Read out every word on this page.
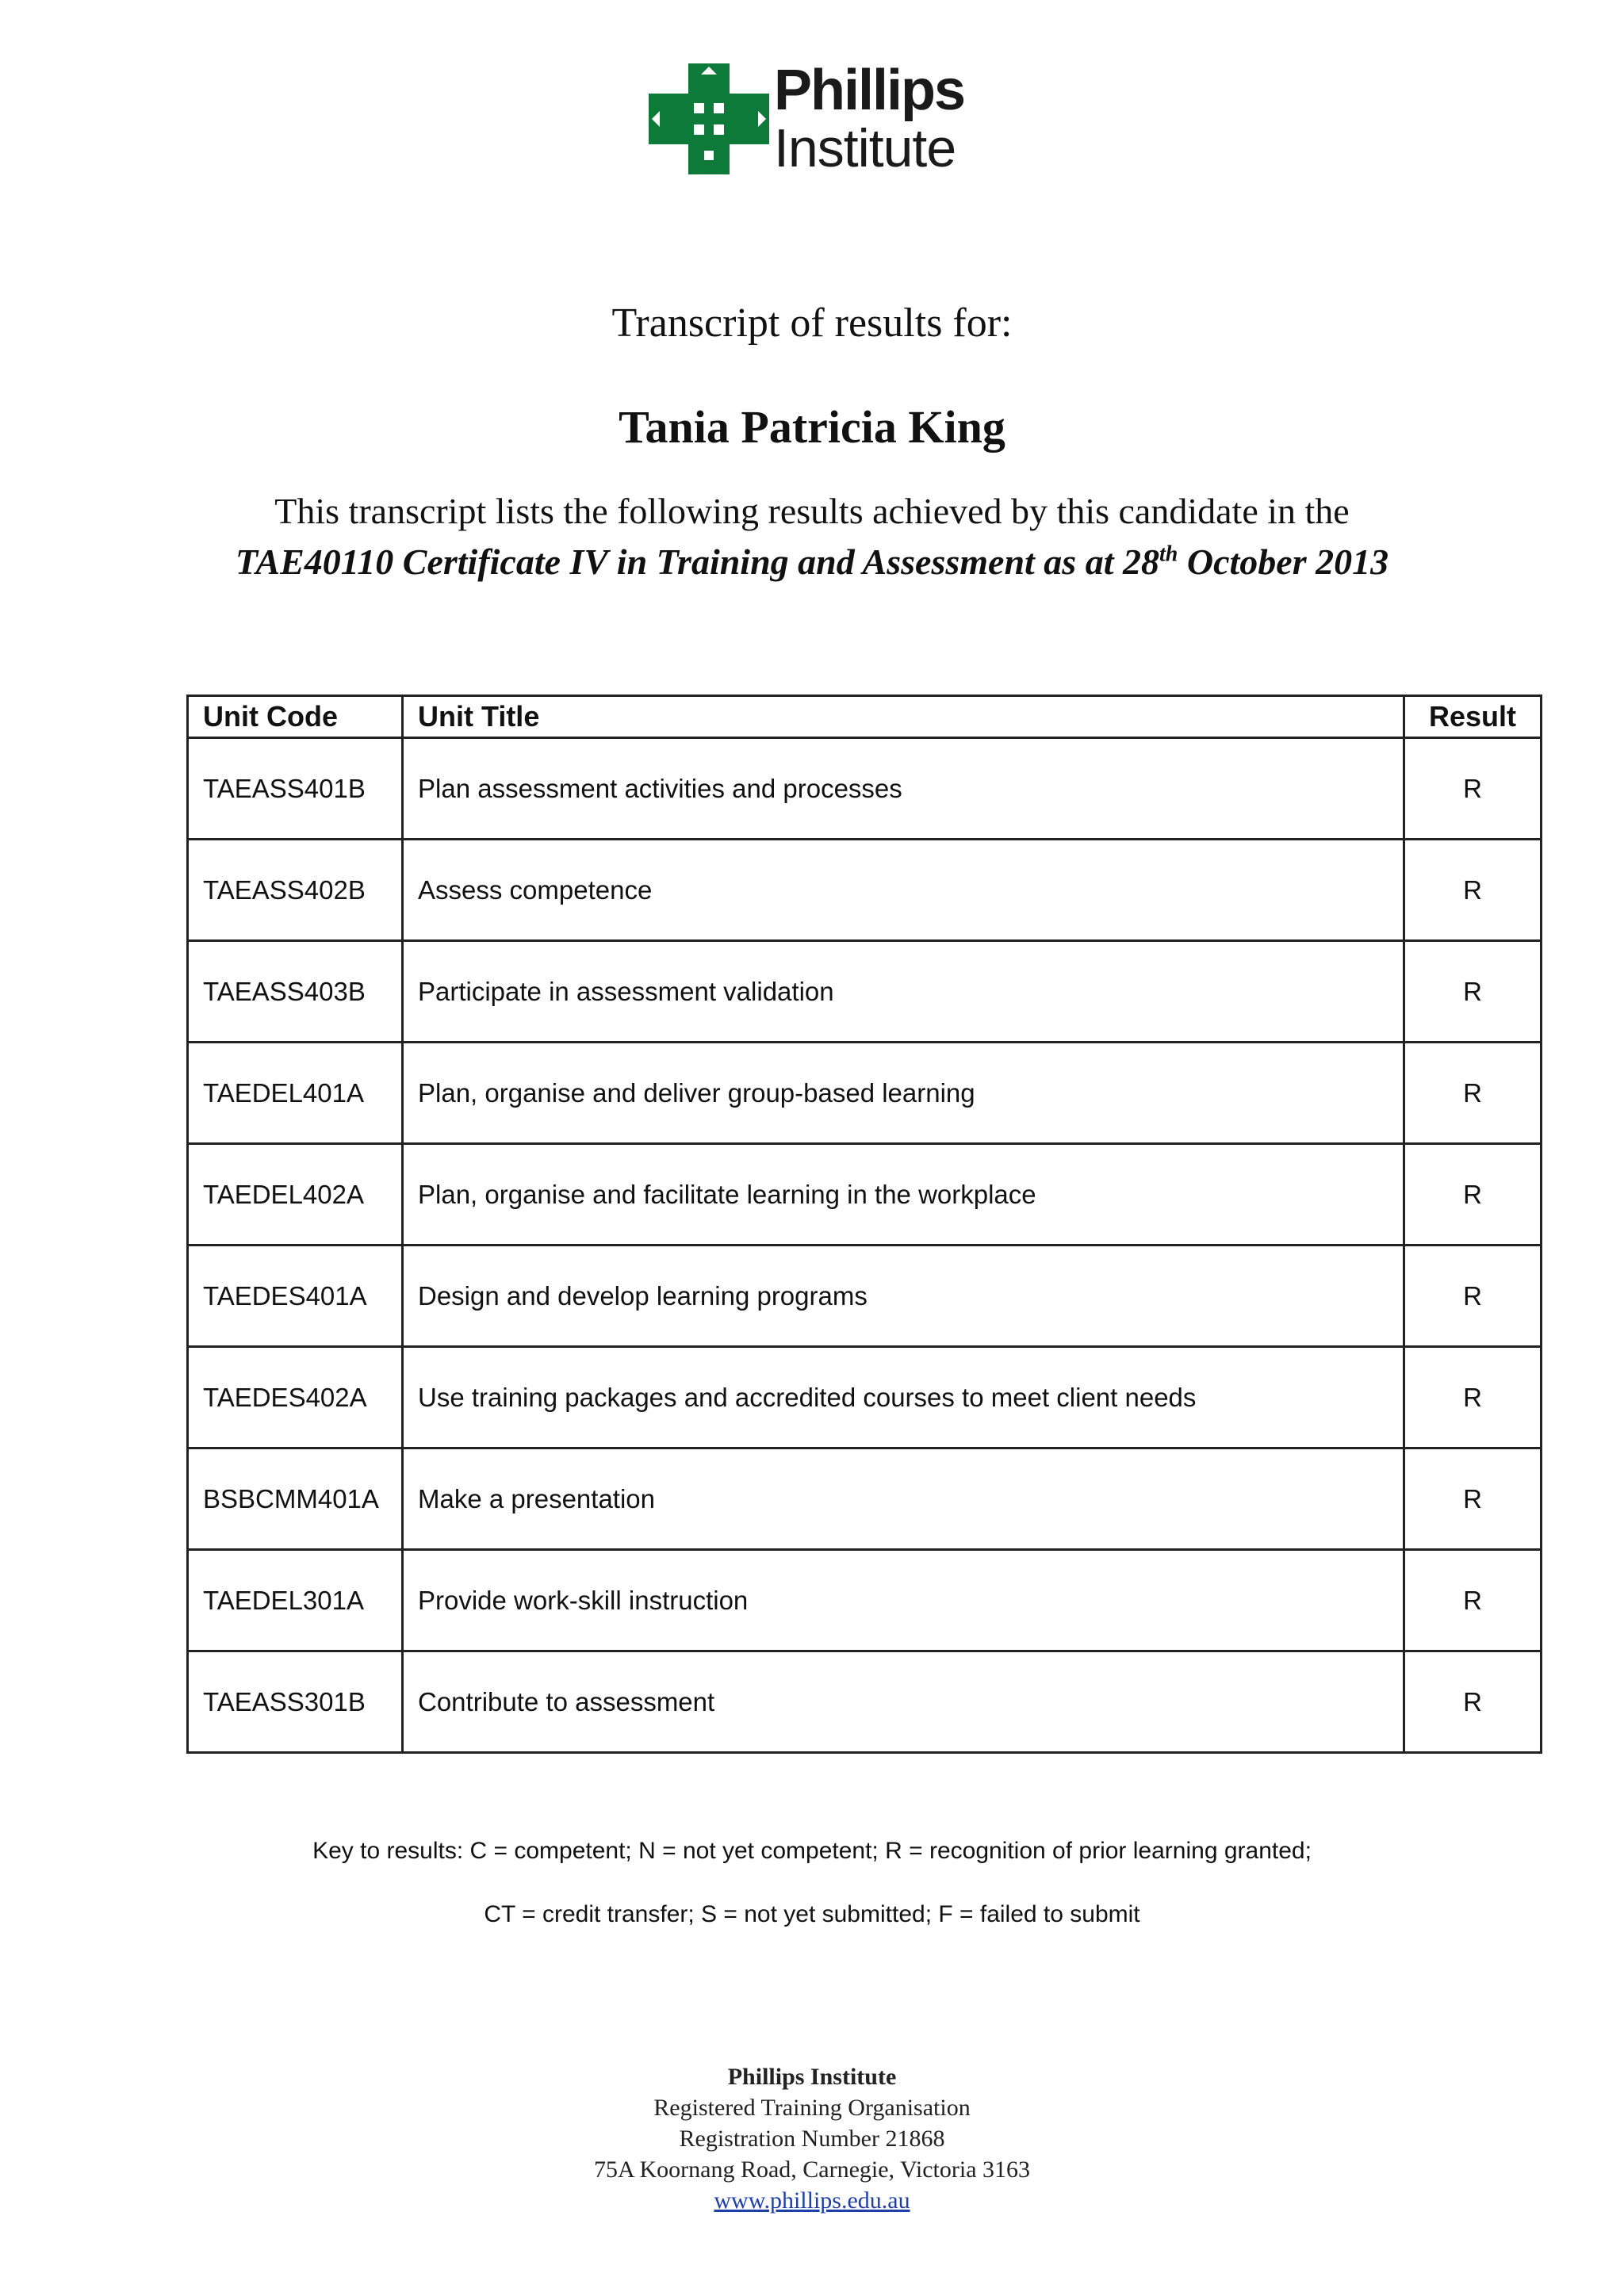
Phillips
Institute
Transcript of results for:
Tania Patricia King
This transcript lists the following results achieved by this candidate in the
TAE40110 Certificate IV in Training and Assessment as at 28th October 2013
Unit Code	Unit Title	Result
TAEASS401B	Plan assessment activities and processes	R
TAEASS402B	Assess competence	R
TAEASS403B	Participate in assessment validation	R
TAEDEL401A	Plan, organise and deliver group-based learning	R
TAEDEL402A	Plan, organise and facilitate learning in the workplace	R
TAEDES401A	Design and develop learning programs	R
TAEDES402A	Use training packages and accredited courses to meet client needs	R
BSBCMM401A	Make a presentation	R
TAEDEL301A	Provide work-skill instruction	R
TAEASS301B	Contribute to assessment	R
Key to results: C = competent; N = not yet competent; R = recognition of prior learning granted;
CT = credit transfer; S = not yet submitted; F = failed to submit
Phillips Institute
Registered Training Organisation
Registration Number 21868
75A Koornang Road, Carnegie, Victoria 3163
www.phillips.edu.au
